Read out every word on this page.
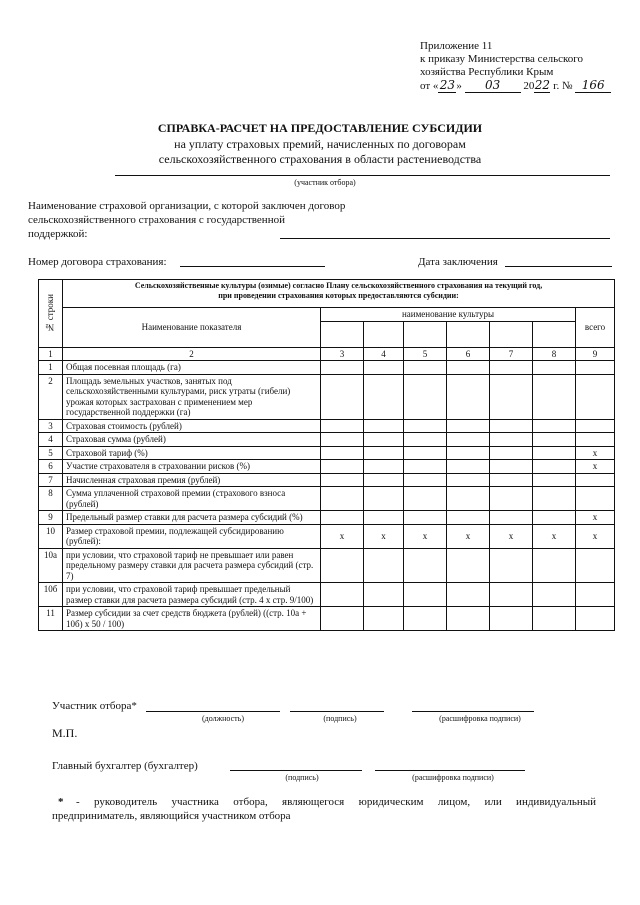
Приложение 11
к приказу Министерства сельского
хозяйства Республики Крым
от «23» 03 2022 г. № 166
СПРАВКА-РАСЧЕТ НА ПРЕДОСТАВЛЕНИЕ СУБСИДИИ
на уплату страховых премий, начисленных по договорам
сельскохозяйственного страхования в области растениеводства
(участник отбора)
Наименование страховой организации, с которой заключен договор
сельскохозяйственного страхования с государственной
поддержкой:
Номер договора страхования:	Дата заключения
№ строки	Сельскохозяйственные культуры (озимые) согласно Плану сельскохозяйственного страхования на текущий год,
при проведении страхования которых предоставляются субсидии:							

	Наименование показателя	наименование культуры						всего

1	2	3	4	5	6	7	8	9
1	Общая посевная площадь (га)							
2	Площадь земельных участков, занятых под сельскохозяйственными культурами, риск утраты (гибели) урожая которых застрахован с применением мер государственной поддержки (га)							
3	Страховая стоимость (рублей)							
4	Страховая сумма (рублей)							
5	Страховой тариф (%)							x
6	Участие страхователя в страховании рисков (%)							x
7	Начисленная страховая премия (рублей)							
8	Сумма уплаченной страховой премии (страхового взноса (рублей)							
9	Предельный размер ставки для расчета размера субсидий (%)							x
10	Размер страховой премии, подлежащей субсидированию (рублей):	x	x	x	x	x	x	x
10а	при условии, что страховой тариф не превышает или равен предельному размеру ставки для расчета размера субсидий (стр. 7)							
10б	при условии, что страховой тариф превышает предельный размер ставки для расчета размера субсидий (стр. 4 x стр. 9/100)							
11	Размер субсидии за счет средств бюджета (рублей) ((стр. 10а + 10б) x 50 / 100)							
Участник отбора*
(должность)	(подпись)	(расшифровка подписи)
М.П.
Главный бухгалтер (бухгалтер)
(подпись)	(расшифровка подписи)
* - руководитель участника отбора, являющегося юридическим лицом, или индивидуальный
предприниматель, являющийся участником отбора
